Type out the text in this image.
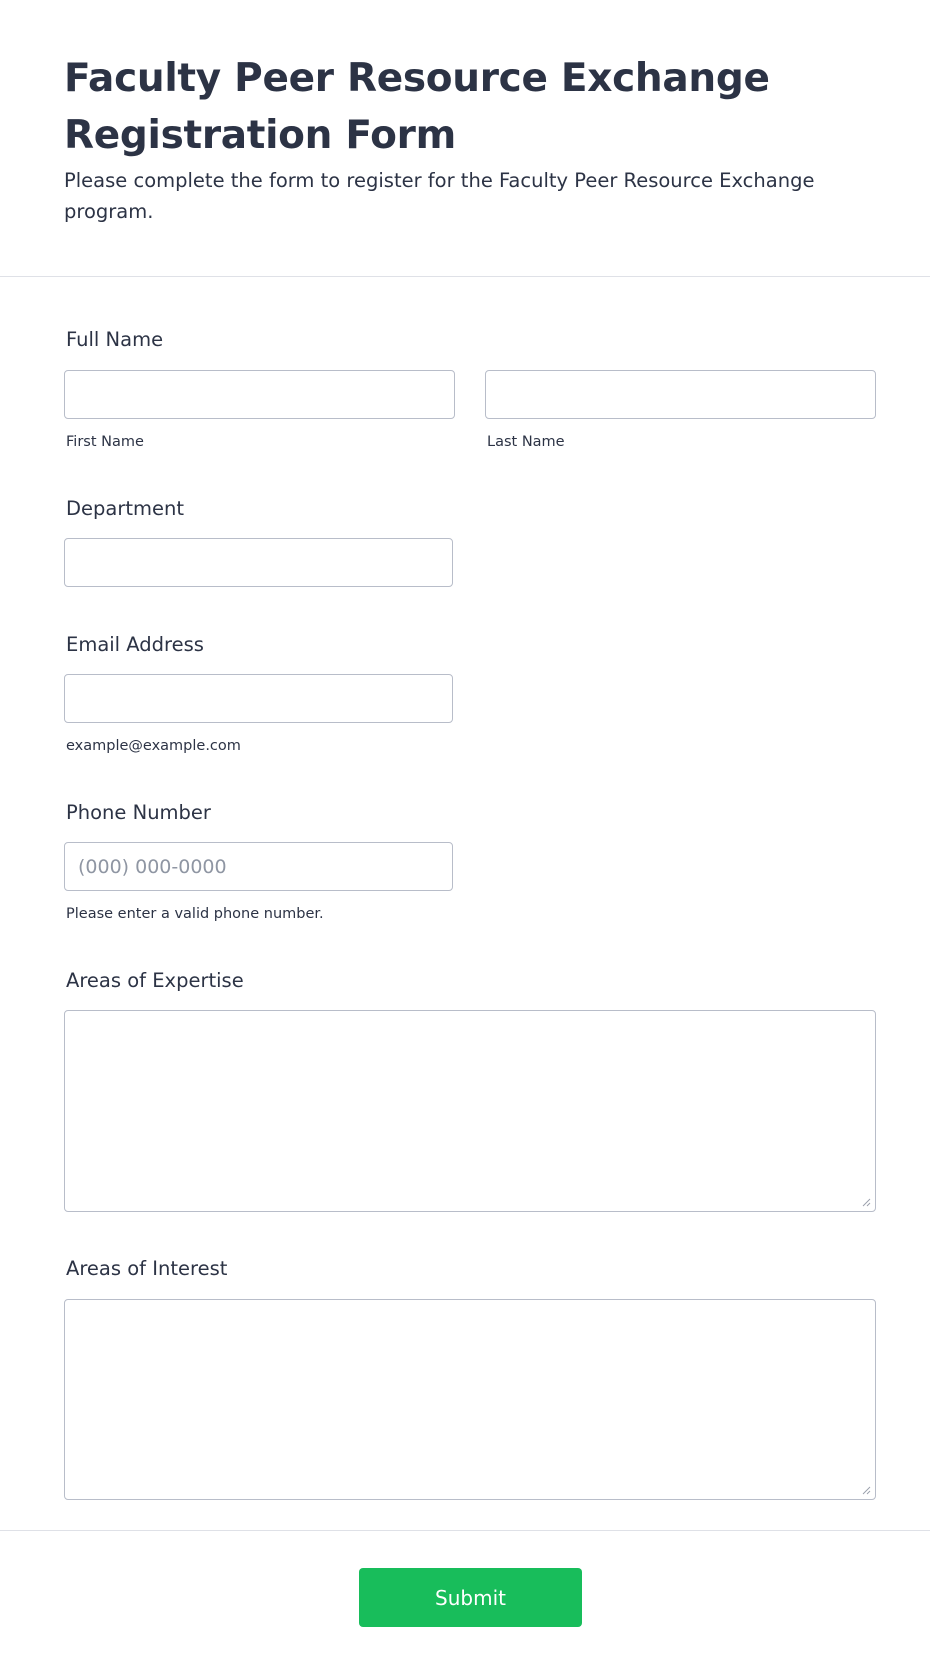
Faculty Peer Resource Exchange Registration Form

Please complete the form to register for the Faculty Peer Resource Exchange program.

Full Name
First Name	Last Name
Department
Email Address
example@example.com
Phone Number
(000) 000-0000
Please enter a valid phone number.
Areas of Expertise
Areas of Interest
Submit
